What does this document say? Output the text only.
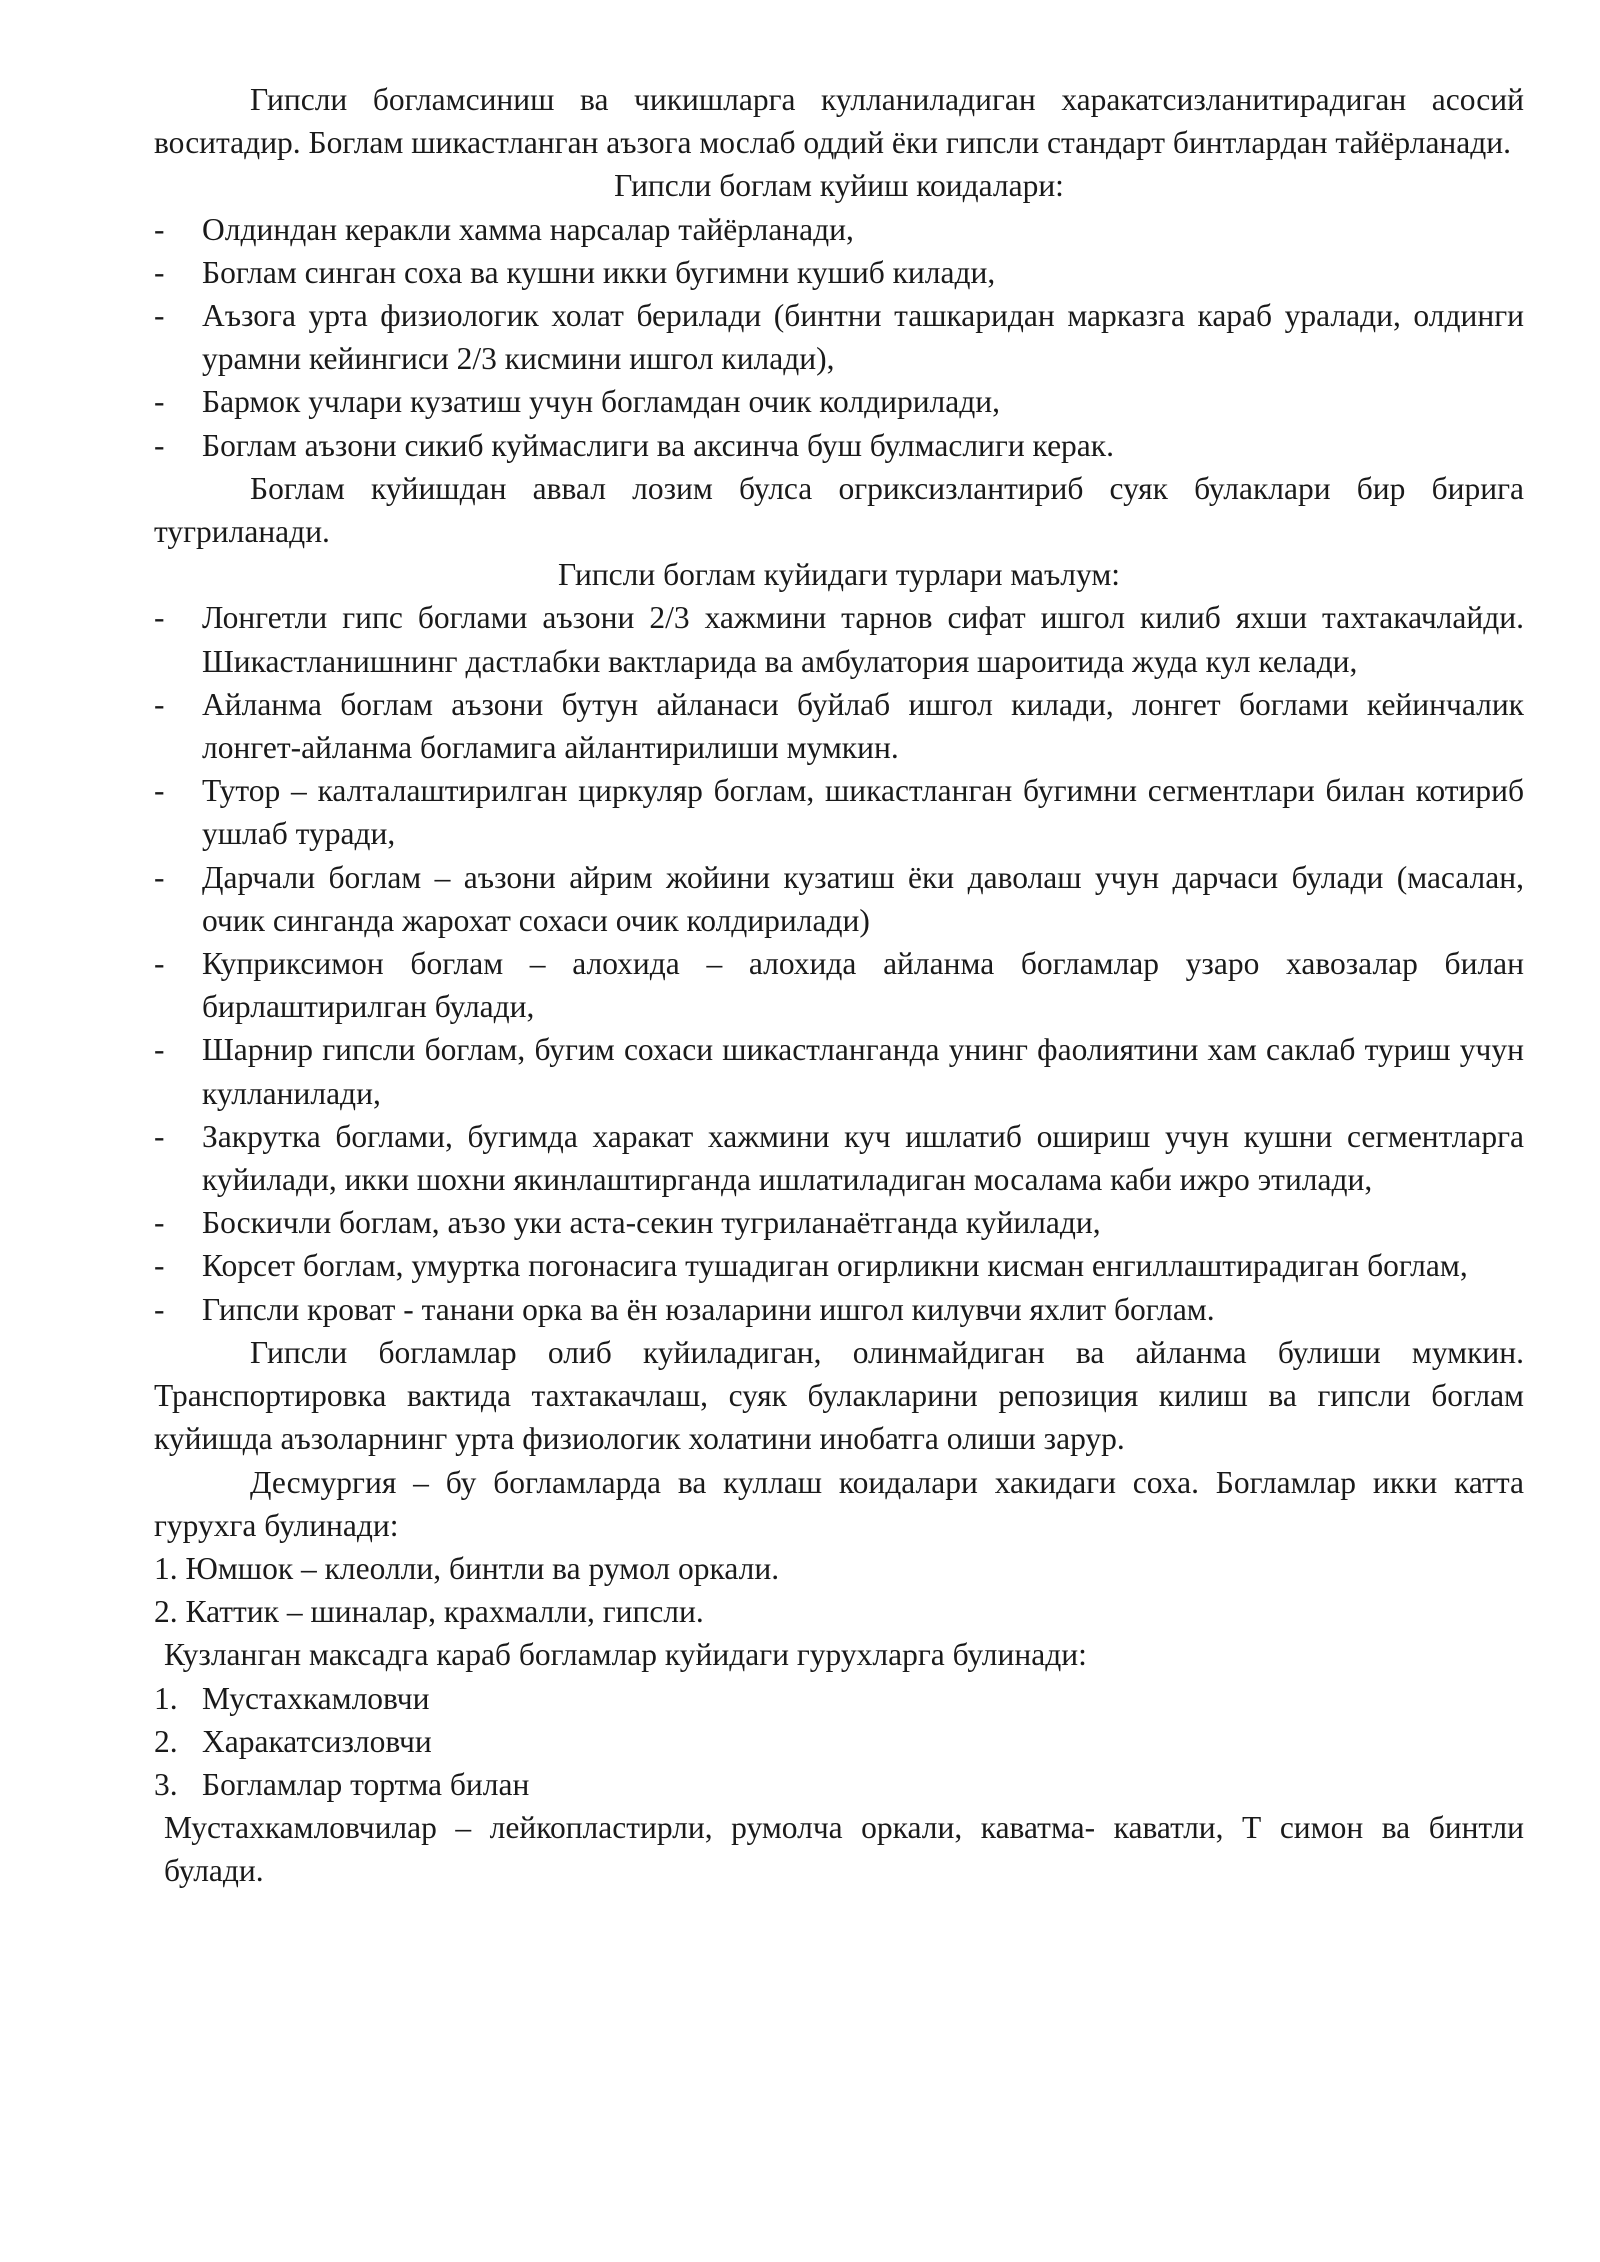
Гипсли богламсиниш ва чикишларга кулланиладиган харакатсизланитирадиган асосий воситадир. Боглам шикастланган аъзога мослаб оддий ёки гипсли стандарт бинтлардан тайёрланади.

Гипсли боглам куйиш коидалари:

-	Олдиндан керакли хамма нарсалар тайёрланади,
-	Боглам синган соха ва кушни икки бугимни кушиб килади,
-	Аъзога урта физиологик холат берилади (бинтни ташкаридан марказга караб уралади, олдинги урамни кейингиси 2/3 кисмини ишгол килади),
-	Бармок учлари кузатиш учун богламдан очик колдирилади,
-	Боглам аъзони сикиб куймаслиги ва аксинча буш булмаслиги керак.

Боглам куйишдан аввал лозим булса огриксизлантириб суяк булаклари бир бирига тугриланади.

Гипсли боглам куйидаги турлари маълум:

-	Лонгетли гипс боглами аъзони 2/3 хажмини тарнов сифат ишгол килиб яхши тахтакачлайди. Шикастланишнинг дастлабки вактларида ва амбулатория шароитида жуда кул келади,
-	Айланма боглам аъзони бутун айланаси буйлаб ишгол килади, лонгет боглами кейинчалик лонгет-айланма богламига айлантирилиши мумкин.
-	Тутор – калталаштирилган циркуляр боглам, шикастланган бугимни сегментлари билан котириб ушлаб туради,
-	Дарчали боглам – аъзони айрим жойини кузатиш ёки даволаш учун дарчаси булади (масалан, очик синганда жарохат сохаси очик колдирилади)
-	Куприксимон боглам – алохида – алохида айланма богламлар узаро хавозалар билан бирлаштирилган булади,
-	Шарнир гипсли боглам, бугим сохаси шикастланганда унинг фаолиятини хам саклаб туриш учун кулланилади,
-	Закрутка боглами, бугимда харакат хажмини куч ишлатиб ошириш учун кушни сегментларга куйилади, икки шохни якинлаштирганда ишлатиладиган мосалама каби ижро этилади,
-	Боскичли боглам, аъзо уки аста-секин тугриланаётганда куйилади,
-	Корсет боглам, умуртка погонасига тушадиган огирликни кисман енгиллаштирадиган боглам,
-	Гипсли кроват - танани орка ва ён юзаларини ишгол килувчи яхлит боглам.

Гипсли богламлар олиб куйиладиган, олинмайдиган ва айланма булиши мумкин. Транспортировка вактида тахтакачлаш, суяк булакларини репозиция килиш ва гипсли боглам куйишда аъзоларнинг урта физиологик холатини инобатга олиши зарур.

Десмургия – бу богламларда ва куллаш коидалари хакидаги соха. Богламлар икки катта гурухга булинади:

1. Юмшок – клеолли, бинтли ва румол оркали.

2. Каттик – шиналар, крахмалли, гипсли.

Кузланган максадга караб богламлар куйидаги гурухларга булинади:

1. Мустахкамловчи
2. Харакатсизловчи
3. Богламлар тортма билан

Мустахкамловчилар – лейкопластирли, румолча оркали, каватма- каватли, Т симон ва бинтли булади.
